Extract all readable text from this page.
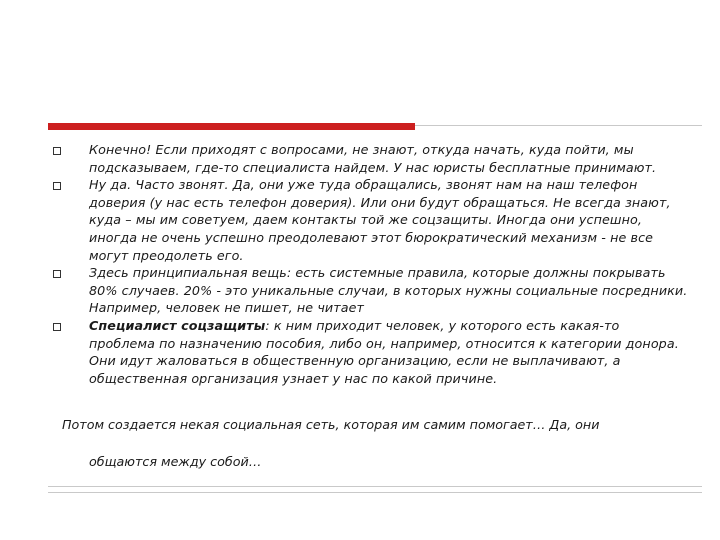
Конечно! Если приходят с вопросами, не знают, откуда начать, куда пойти, мы подсказываем, где-то специалиста найдем. У нас юристы бесплатные принимают.
Ну да. Часто звонят. Да, они уже туда обращались, звонят нам на наш телефон доверия (у нас есть телефон доверия). Или они будут обращаться. Не всегда знают, куда – мы им советуем, даем контакты той же соцзащиты. Иногда они успешно, иногда не очень успешно преодолевают этот бюрократический механизм - не все могут преодолеть его.
Здесь принципиальная вещь: есть системные правила, которые должны покрывать 80% случаев. 20% - это уникальные случаи, в которых нужны социальные посредники. Например, человек не пишет, не читает
Специалист соцзащиты: к ним приходит человек, у которого есть какая-то проблема по назначению пособия, либо он, например, относится к категории донора. Они идут жаловаться в общественную организацию, если не выплачивают, а общественная организация узнает у нас по какой причине.
Потом создается некая социальная сеть, которая им самим помогает… Да, они
общаются между собой…
